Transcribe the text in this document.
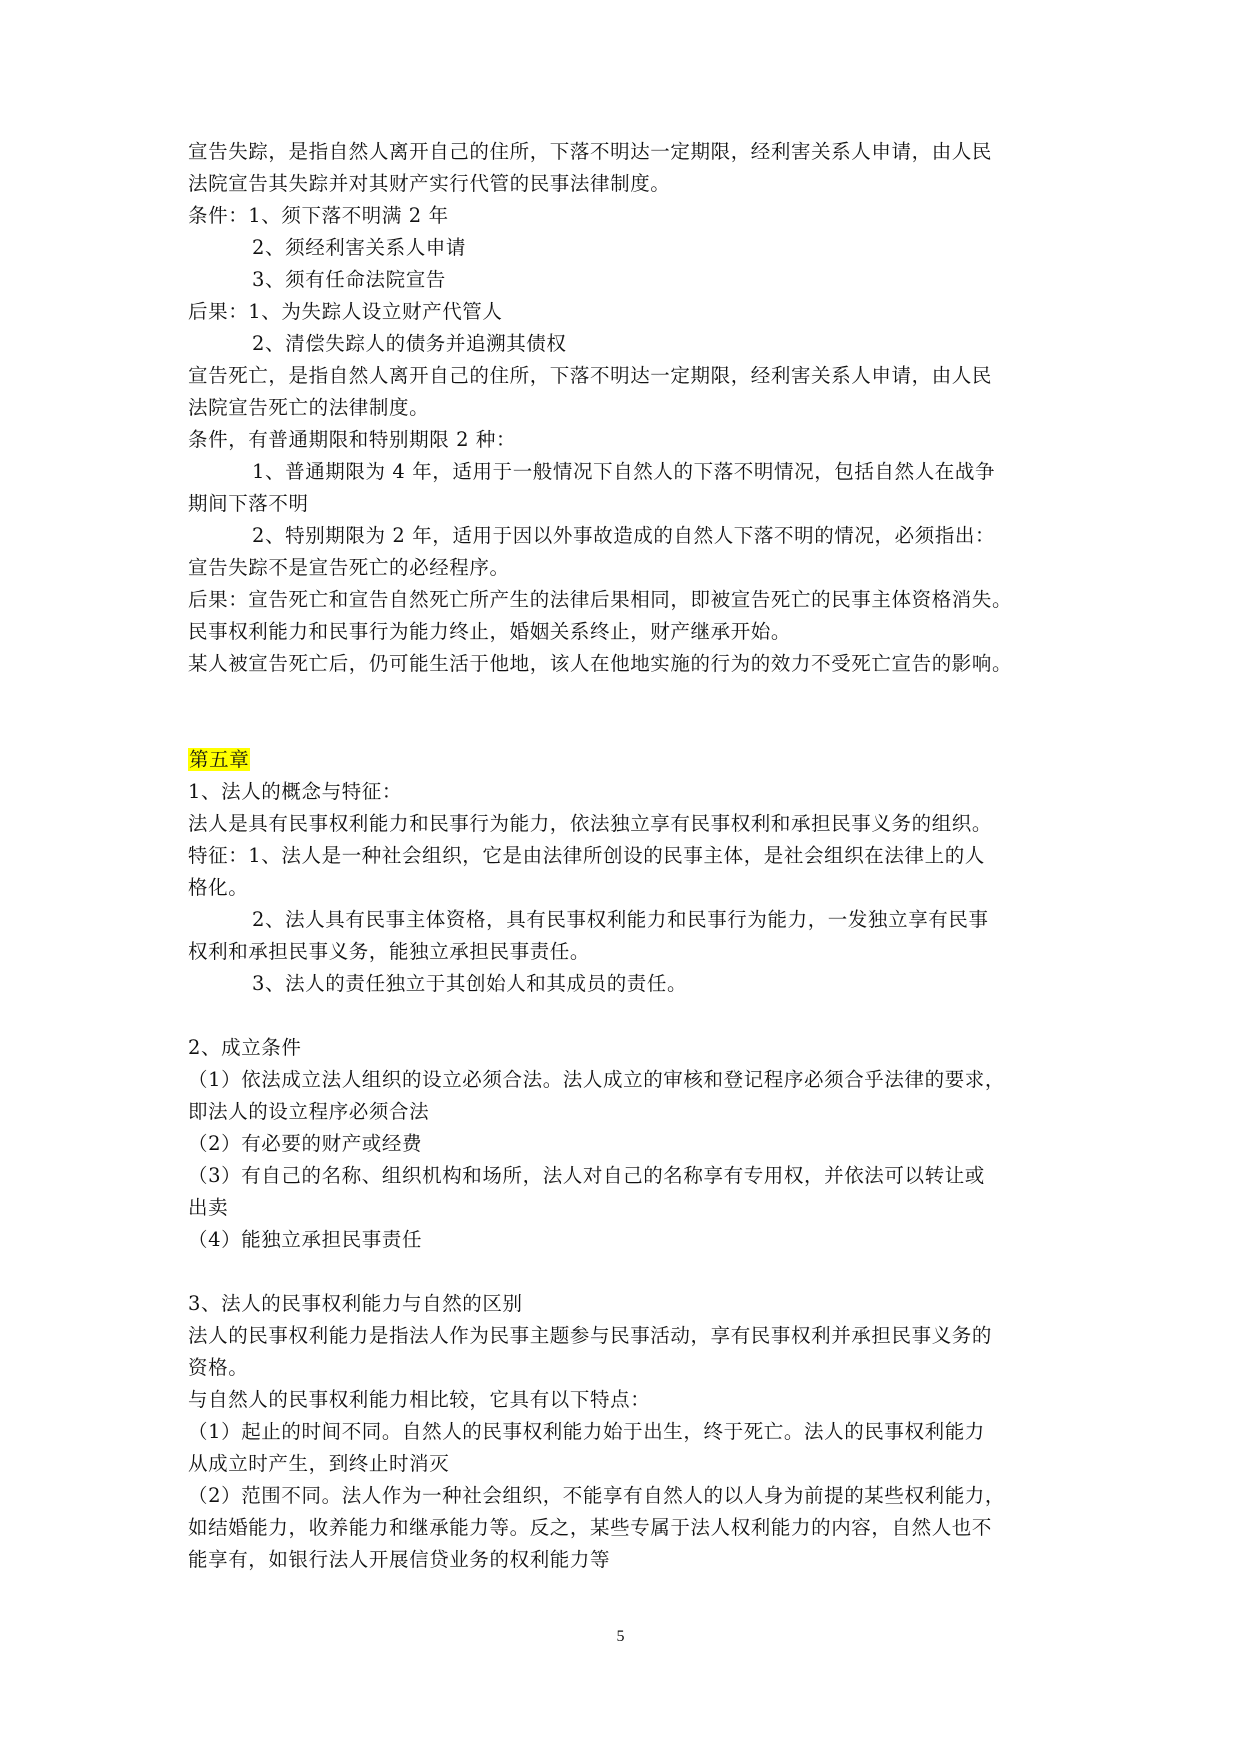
宣告失踪，是指自然人离开自己的住所，下落不明达一定期限，经利害关系人申请，由人民
法院宣告其失踪并对其财产实行代管的民事法律制度。
条件：1、须下落不明满 2 年
2、须经利害关系人申请
3、须有任命法院宣告
后果：1、为失踪人设立财产代管人
2、清偿失踪人的债务并追溯其债权
宣告死亡，是指自然人离开自己的住所，下落不明达一定期限，经利害关系人申请，由人民
法院宣告死亡的法律制度。
条件，有普通期限和特别期限 2 种：
1、普通期限为 4 年，适用于一般情况下自然人的下落不明情况，包括自然人在战争
期间下落不明
2、特别期限为 2 年，适用于因以外事故造成的自然人下落不明的情况，必须指出：
宣告失踪不是宣告死亡的必经程序。
后果：宣告死亡和宣告自然死亡所产生的法律后果相同，即被宣告死亡的民事主体资格消失。
民事权利能力和民事行为能力终止，婚姻关系终止，财产继承开始。
某人被宣告死亡后，仍可能生活于他地，该人在他地实施的行为的效力不受死亡宣告的影响。
第五章
1、法人的概念与特征：
法人是具有民事权利能力和民事行为能力，依法独立享有民事权利和承担民事义务的组织。
特征：1、法人是一种社会组织，它是由法律所创设的民事主体，是社会组织在法律上的人
格化。
2、法人具有民事主体资格，具有民事权利能力和民事行为能力，一发独立享有民事
权利和承担民事义务，能独立承担民事责任。
3、法人的责任独立于其创始人和其成员的责任。
2、成立条件
（1）依法成立法人组织的设立必须合法。法人成立的审核和登记程序必须合乎法律的要求，
即法人的设立程序必须合法
（2）有必要的财产或经费
（3）有自己的名称、组织机构和场所，法人对自己的名称享有专用权，并依法可以转让或
出卖
（4）能独立承担民事责任
3、法人的民事权利能力与自然的区别
法人的民事权利能力是指法人作为民事主题参与民事活动，享有民事权利并承担民事义务的
资格。
与自然人的民事权利能力相比较，它具有以下特点：
（1）起止的时间不同。自然人的民事权利能力始于出生，终于死亡。法人的民事权利能力
从成立时产生，到终止时消灭
（2）范围不同。法人作为一种社会组织，不能享有自然人的以人身为前提的某些权利能力，
如结婚能力，收养能力和继承能力等。反之，某些专属于法人权利能力的内容，自然人也不
能享有，如银行法人开展信贷业务的权利能力等
5
